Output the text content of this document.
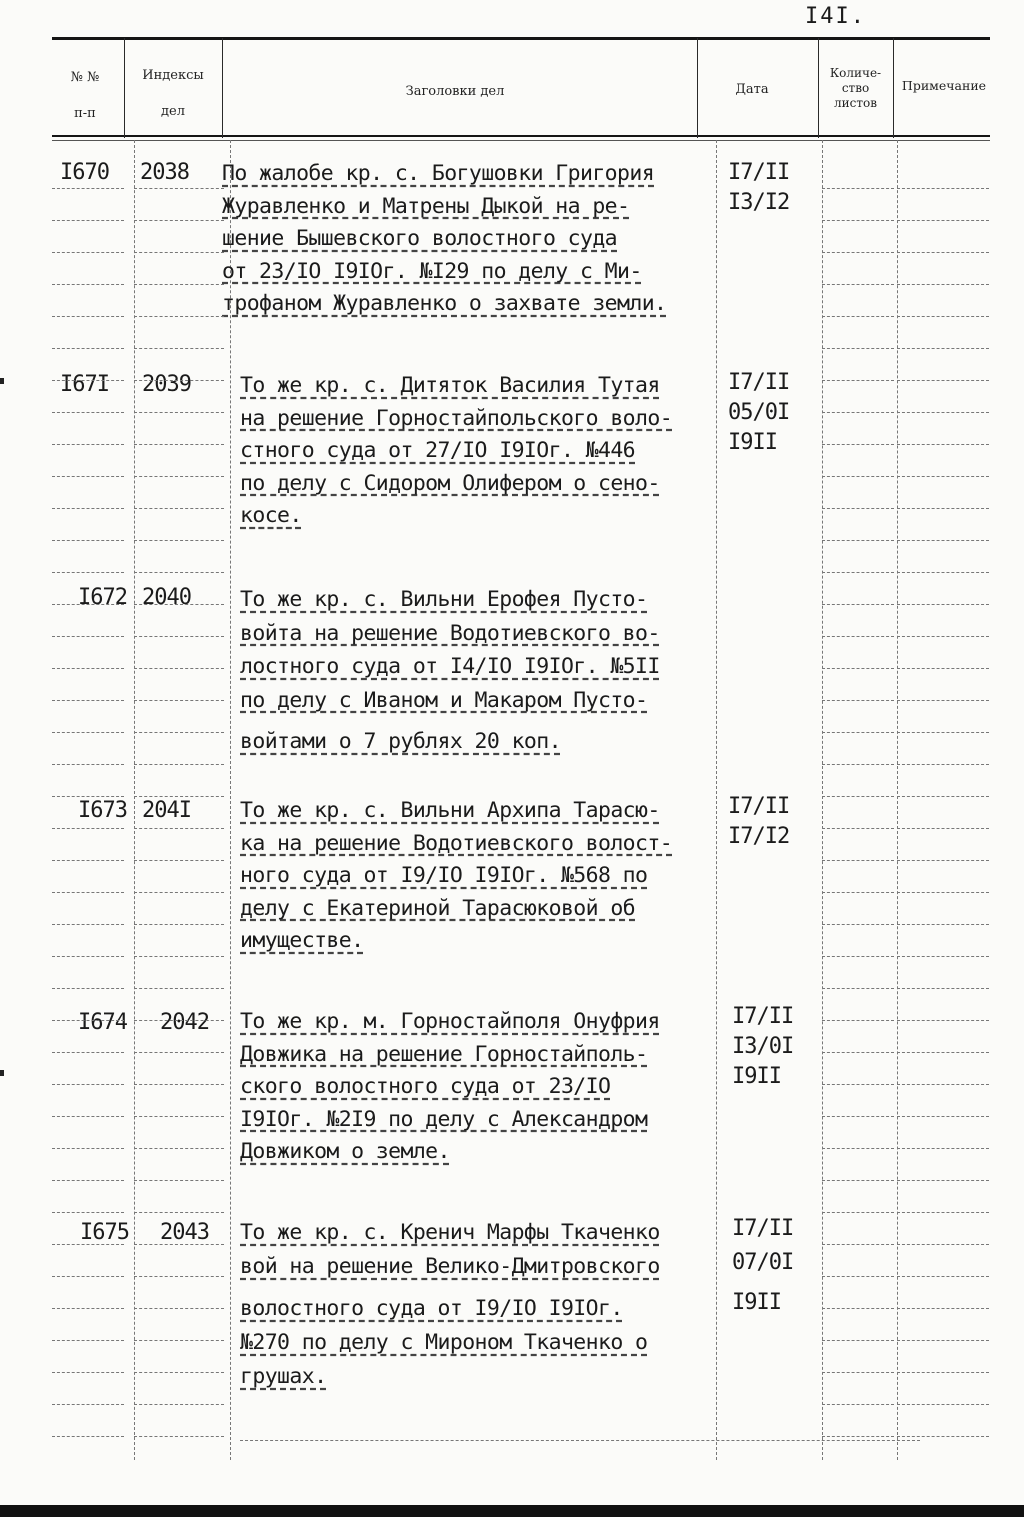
I4I.
№ №
п-п
Индексы
дел
Заголовки дел	Дата
Количе-
ство
листов
Примечание
I670 2038 По жалобе кр. с. Богушовки Григория
Журавленко и Матрены Дыкой на ре-
шение Бышевского волостного суда
от 23/IO I9IOг. №I29 по делу с Ми-
трофаном Журавленко о захвате земли.
I7/II
I3/I2
I67I 2039 То же кр. с. Дитяток Василия Тутая
на решение Горностайпольского воло-
стного суда от 27/IO I9IOг. №446
по делу с Сидором Олифером о сено-
косе.
I7/II
05/0I
I9II
I672 2040 То же кр. с. Вильни Ерофея Пусто-
войта на решение Водотиевского во-
лостного суда от I4/IO I9IOг. №5II
по делу с Иваном и Макаром Пусто-
войтами о 7 рублях 20 коп.
I673 204I То же кр. с. Вильни Архипа Тарасю-
ка на решение Водотиевского волост-
ного суда от I9/IO I9IOг. №568 по
делу с Екатериной Тарасюковой об
имуществе.
I7/II
I7/I2
I674 2042 То же кр. м. Горностайполя Онуфрия
Довжика на решение Горностайполь-
ского волостного суда от 23/IO
I9IOг. №2I9 по делу с Александром
Довжиком о земле.
I7/II
I3/0I
I9II
I675 2043 То же кр. с. Кренич Марфы Ткаченко
вой на решение Велико-Дмитровского
волостного суда от I9/IO I9IOг.
№270 по делу с Мироном Ткаченко о
грушах.
I7/II
07/0I
I9II
